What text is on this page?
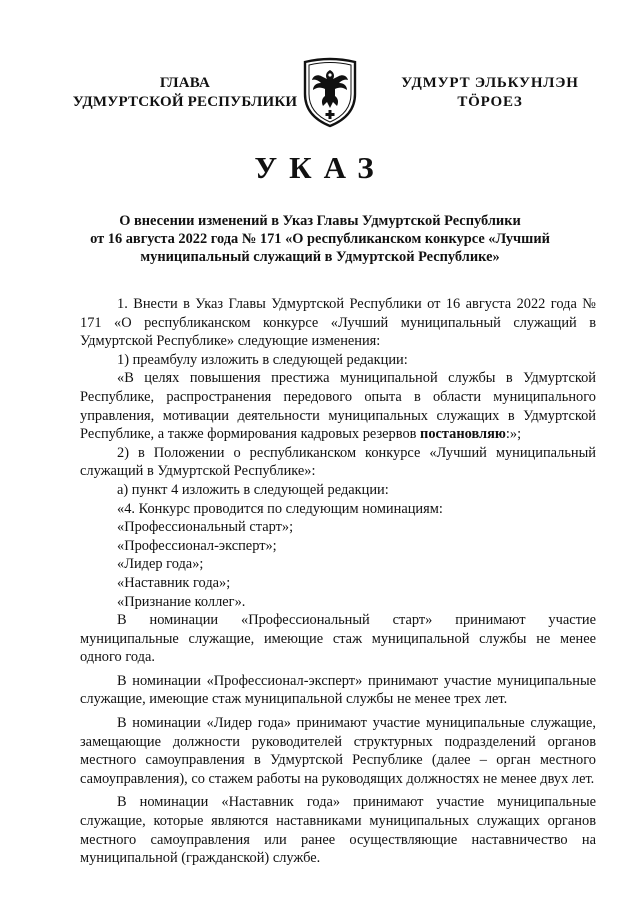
ГЛАВА
УДМУРТСКОЙ РЕСПУБЛИКИ
УДМУРТ ЭЛЬКУНЛЭН
ТӦРОЕЗ
УКАЗ
О внесении изменений в Указ Главы Удмуртской Республики
от 16 августа 2022 года № 171 «О республиканском конкурсе «Лучший
муниципальный служащий в Удмуртской Республике»

1. Внести в Указ Главы Удмуртской Республики от 16 августа 2022 года № 171 «О республиканском конкурсе «Лучший муниципальный служащий в Удмуртской Республике» следующие изменения:

1) преамбулу изложить в следующей редакции:

«В целях повышения престижа муниципальной службы в Удмуртской Республике, распространения передового опыта в области муниципального управления, мотивации деятельности муниципальных служащих в Удмуртской Республике, а также формирования кадровых резервов постановляю:»;

2) в Положении о республиканском конкурсе «Лучший муниципальный служащий в Удмуртской Республике»:

а) пункт 4 изложить в следующей редакции:

«4. Конкурс проводится по следующим номинациям:

«Профессиональный старт»;

«Профессионал-эксперт»;

«Лидер года»;

«Наставник года»;

«Признание коллег».

В номинации «Профессиональный старт» принимают участие муниципальные служащие, имеющие стаж муниципальной службы не менее одного года.

В номинации «Профессионал-эксперт» принимают участие муниципальные служащие, имеющие стаж муниципальной службы не менее трех лет.

В номинации «Лидер года» принимают участие муниципальные служащие, замещающие должности руководителей структурных подразделений органов местного самоуправления в Удмуртской Республике (далее – орган местного самоуправления), со стажем работы на руководящих должностях не менее двух лет.

В номинации «Наставник года» принимают участие муниципальные служащие, которые являются наставниками муниципальных служащих органов местного самоуправления или ранее осуществляющие наставничество на муниципальной (гражданской) службе.
